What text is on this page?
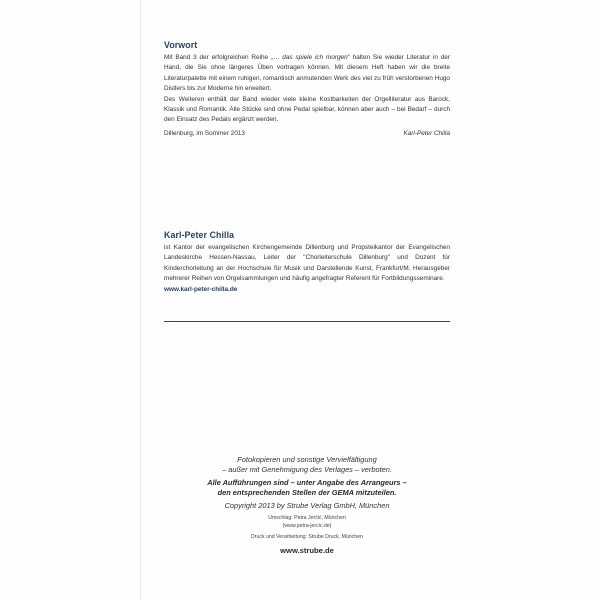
Vorwort

Mit Band 3 der erfolgreichen Reihe „… das spiele ich morgen“ halten Sie wieder Literatur in der Hand, die Sie ohne längeres Üben vortragen können. Mit diesem Heft haben wir die breite Literaturpalette mit einem ruhigen, romantisch anmutenden Werk des viel zu früh verstorbenen Hugo Distlers bis zur Moderne hin erweitert.

Des Weiteren enthält der Band wieder viele kleine Kostbarkeiten der Orgelliteratur aus Barock, Klassik und Romantik. Alle Stücke sind ohne Pedal spielbar, können aber auch – bei Bedarf – durch den Einsatz des Pedals ergänzt werden.

Dillenburg, im Sommer 2013	Karl-Peter Chilla
Karl-Peter Chilla

ist Kantor der evangelischen Kirchengemeinde Dillenburg und Propsteikantor der Evangelischen Landeskirche Hessen-Nassau, Leiter der "Chorleiterschule Dillenburg" und Dozent für Kinderchorleitung an der Hochschule für Musik und Darstellende Kunst, Frankfurt/M. Herausgeber mehrerer Reihen von Orgelsammlungen und häufig angefragter Referent für Fortbildungsseminare.

www.karl-peter-chilla.de

Fotokopieren und sonstige Vervielfältigung

– außer mit Genehmigung des Verlages – verboten.

Alle Aufführungen sind – unter Angabe des Arrangeurs –

den entsprechenden Stellen der GEMA mitzuteilen.

Copyright 2013 by Strube Verlag GmbH, München

Umschlag: Petra Jerčić, München

(www.petra-jercic.de)

Druck und Verarbeitung: Strube Druck, München

www.strube.de
